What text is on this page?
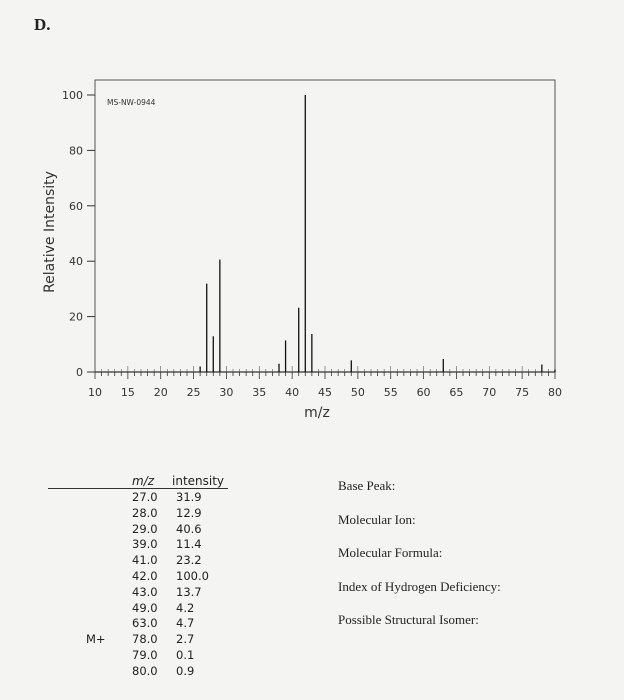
D.
0
20
40
60
80
100
10 15 20 25 30 35 40 45 50 55 60 65 70 75 80
MS-NW-0944
m/z
Relative Intensity
m/z intensity
27.0 31.9
28.0 12.9
29.0 40.6
39.0 11.4
41.0 23.2
42.0 100.0
43.0 13.7
49.0 4.2
63.0 4.7
M+ 78.0 2.7
79.0 0.1
80.0 0.9
Base Peak:
Molecular Ion:
Molecular Formula:
Index of Hydrogen Deficiency:
Possible Structural Isomer:
